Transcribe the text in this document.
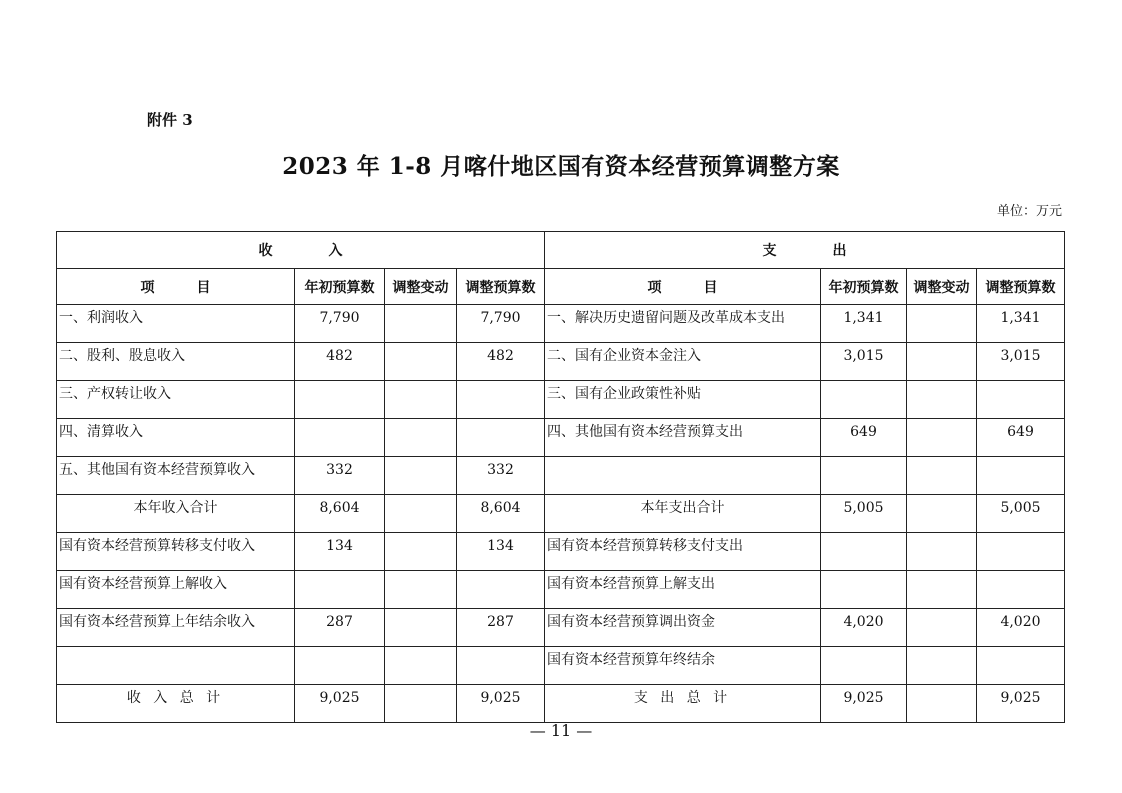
附件 3
2023 年 1-8 月喀什地区国有资本经营预算调整方案
单位：万元
收　　　　入				支　　　　出			
项　　　目	年初预算数	调整变动	调整预算数	项　　　目	年初预算数	调整变动	调整预算数
一、利润收入	7,790		7,790	一、解决历史遗留问题及改革成本支出	1,341		1,341
二、股利、股息收入	482		482	二、国有企业资本金注入	3,015		3,015
三、产权转让收入				三、国有企业政策性补贴			
四、清算收入				四、其他国有资本经营预算支出	649		649
五、其他国有资本经营预算收入	332		332				
本年收入合计	8,604		8,604	本年支出合计	5,005		5,005
国有资本经营预算转移支付收入	134		134	国有资本经营预算转移支付支出			
国有资本经营预算上解收入				国有资本经营预算上解支出			
国有资本经营预算上年结余收入	287		287	国有资本经营预算调出资金	4,020		4,020
				国有资本经营预算年终结余			
收 入 总 计	9,025		9,025	支 出 总 计	9,025		9,025
— 11 —
